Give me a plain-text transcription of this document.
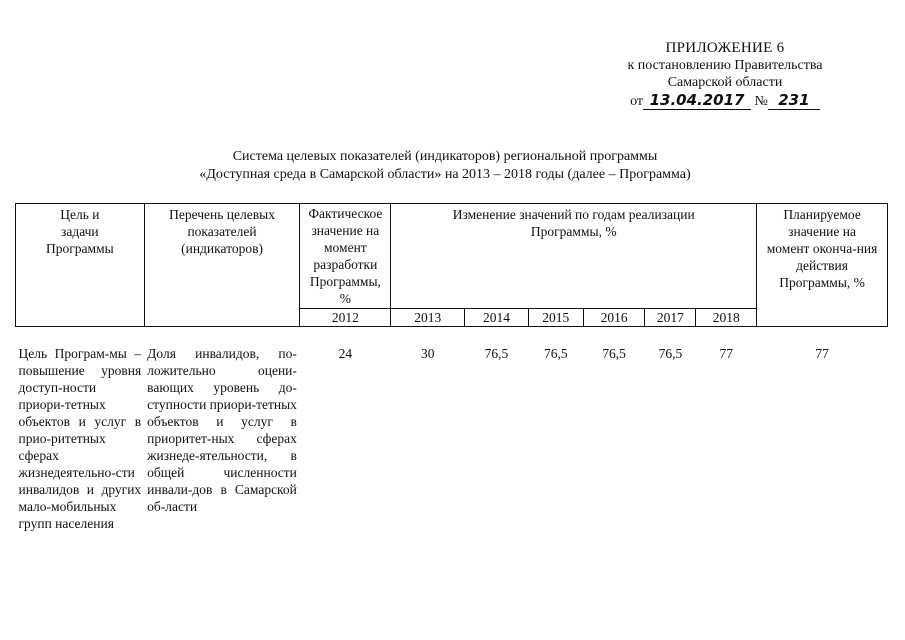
ПРИЛОЖЕНИЕ 6
к постановлению Правительства
Самарской области
от 13.04.2017 № 231
Система целевых показателей (индикаторов) региональной программы
«Доступная среда в Самарской области» на 2013 – 2018 годы (далее – Программа)
Цель и задачи Программы	Перечень целевых показателей (индикаторов)	Фактическое значение на момент разработки Программы, %	Изменение значений по годам реализации Программы, %						Планируемое значение на момент оконча-ния действия Программы, %
		2012	2013	2014	2015	2016	2017	2018	

Цель Програм-мы – повышение уровня доступ-ности приори-тетных объектов и услуг в прио-ритетных сферах жизнедеятельно-сти инвалидов и других мало-мобильных групп населения	Доля инвалидов, по-ложительно оцени-вающих уровень до-ступности приори-тетных объектов и услуг в приоритет-ных сферах жизнеде-ятельности, в общей численности инвали-дов в Самарской об-ласти	24	30	76,5	76,5	76,5	76,5	77	77
